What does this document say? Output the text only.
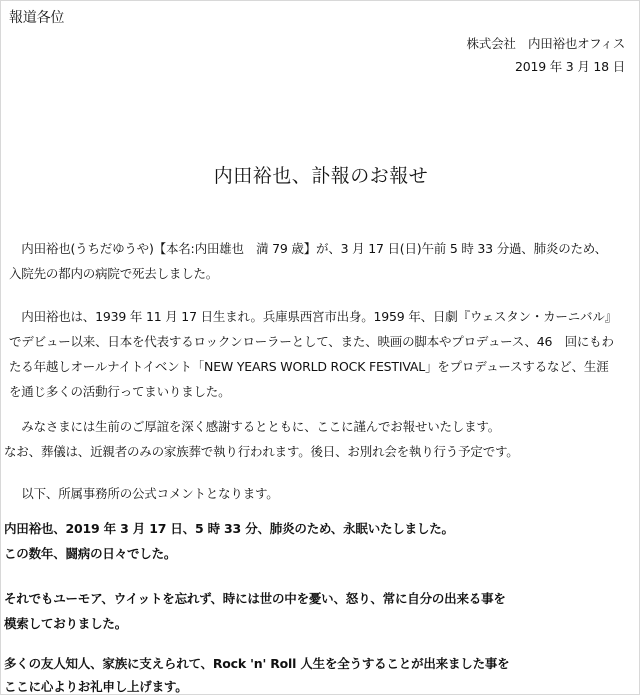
報道各位
株式会社　内田裕也オフィス
2019 年 3 月 18 日
内田裕也、訃報のお報せ
　内田裕也(うちだゆうや)【本名:内田雄也　満 79 歳】が、3 月 17 日(日)午前 5 時 33 分過、肺炎のため、
入院先の都内の病院で死去しました。
　内田裕也は、1939 年 11 月 17 日生まれ。兵庫県西宮市出身。1959 年、日劇『ウェスタン・カーニバル』
でデビュー以来、日本を代表するロックンローラーとして、また、映画の脚本やプロデュース、46　回にもわ
たる年越しオールナイトイベント「NEW YEARS WORLD ROCK FESTIVAL」をプロデュースするなど、生涯
を通じ多くの活動行ってまいりました。
　みなさまには生前のご厚誼を深く感謝するとともに、ここに謹んでお報せいたします。
なお、葬儀は、近親者のみの家族葬で執り行われます。後日、お別れ会を執り行う予定です。
　以下、所属事務所の公式コメントとなります。
内田裕也、2019 年 3 月 17 日、5 時 33 分、肺炎のため、永眠いたしました。
この数年、闘病の日々でした。
それでもユーモア、ウイットを忘れず、時には世の中を憂い、怒り、常に自分の出来る事を
模索しておりました。
多くの友人知人、家族に支えられて、Rock 'n' Roll 人生を全うすることが出来ました事を
ここに心よりお礼申し上げます。
